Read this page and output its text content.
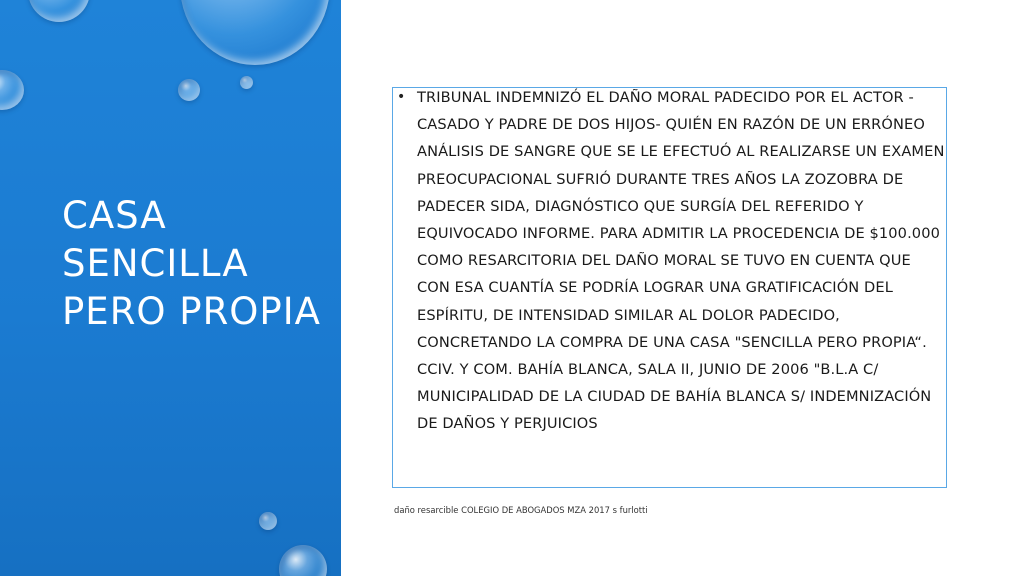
CASA SENCILLA PERO PROPIA
• TRIBUNAL INDEMNIZÓ EL DAÑO MORAL PADECIDO POR EL ACTOR -CASADO Y PADRE DE DOS HIJOS- QUIÉN EN RAZÓN DE UN ERRÓNEO ANÁLISIS DE SANGRE QUE SE LE EFECTUÓ AL REALIZARSE UN EXAMEN PREOCUPACIONAL SUFRIÓ DURANTE TRES AÑOS LA ZOZOBRA DE PADECER SIDA, DIAGNÓSTICO QUE SURGÍA DEL REFERIDO Y EQUIVOCADO INFORME. PARA ADMITIR LA PROCEDENCIA DE $100.000 COMO RESARCITORIA DEL DAÑO MORAL SE TUVO EN CUENTA QUE CON ESA CUANTÍA SE PODRÍA LOGRAR UNA GRATIFICACIÓN DEL ESPÍRITU, DE INTENSIDAD SIMILAR AL DOLOR PADECIDO, CONCRETANDO LA COMPRA DE UNA CASA "SENCILLA PERO PROPIA“. CCIV. Y COM. BAHÍA BLANCA, SALA II, JUNIO DE 2006 "B.L.A C/ MUNICIPALIDAD DE LA CIUDAD DE BAHÍA BLANCA S/ INDEMNIZACIÓN DE DAÑOS Y PERJUICIOS
daño resarcible COLEGIO DE ABOGADOS MZA 2017 s furlotti
